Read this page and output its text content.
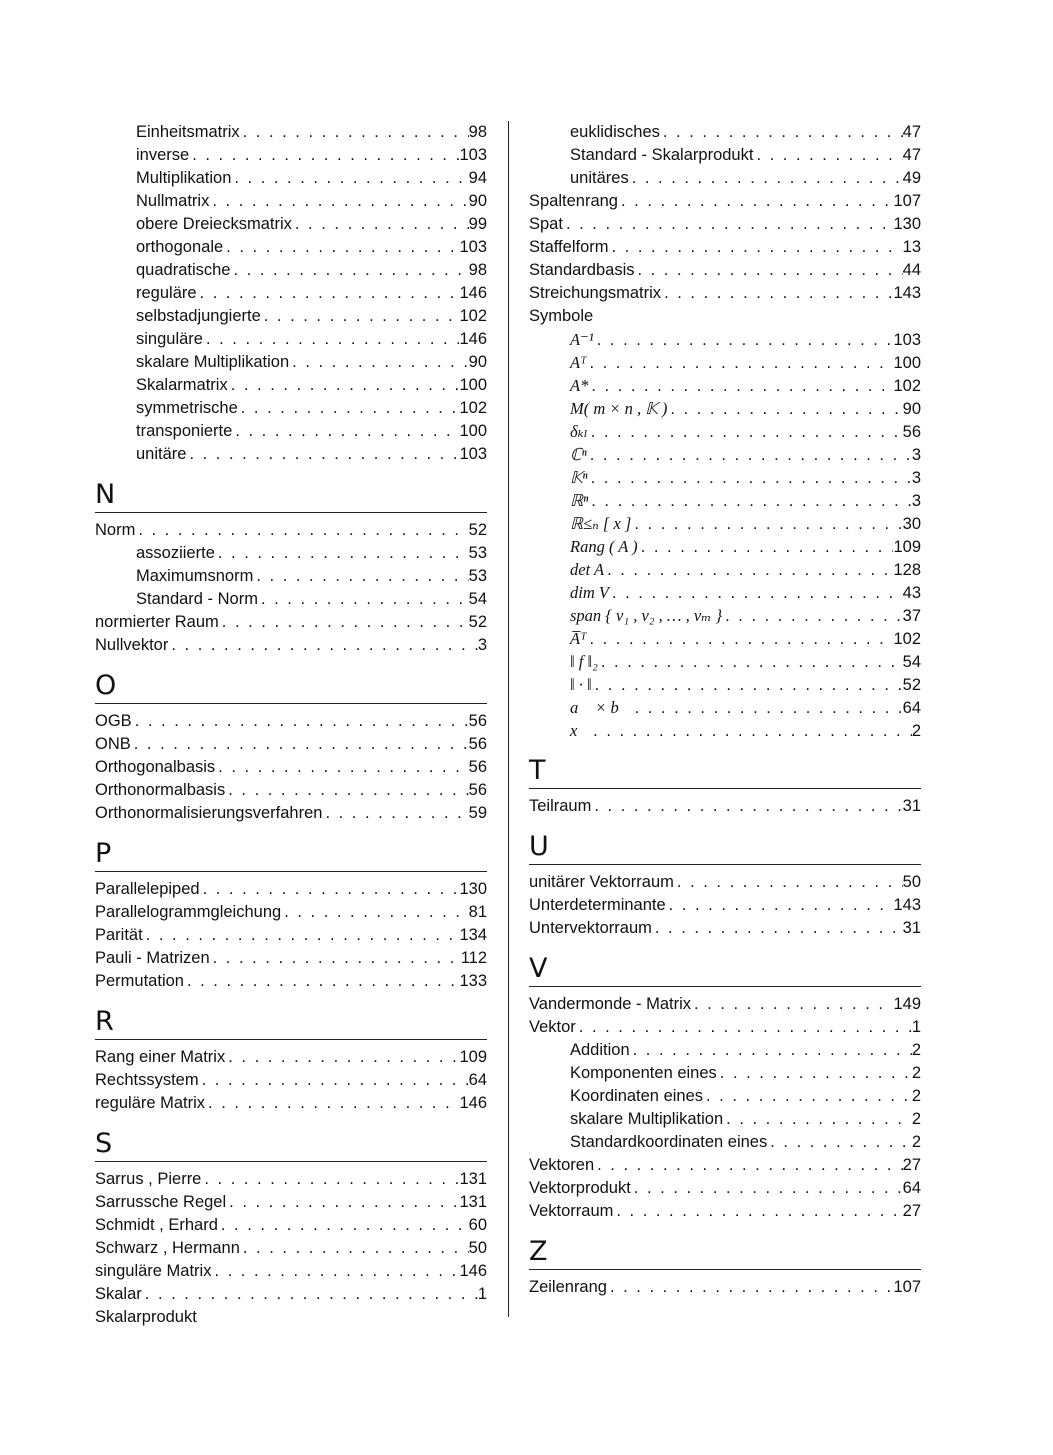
Einheitsmatrix . . .	98
inverse . . .	103
Multiplikation . . .	94
Nullmatrix . . .	90
obere Dreiecksmatrix . . .	99
orthogonale . . .	103
quadratische . . .	98
reguläre . . .	146
selbstadjungierte . . .	102
singuläre . . .	146
skalare Multiplikation . . .	90
Skalarmatrix . . .	100
symmetrische . . .	102
transponierte . . .	100
unitäre . . .	103
N
Norm . . .	52
assoziierte . . .	53
Maximumsnorm . . .	53
Standard - Norm . . .	54
normierter Raum . . .	52
Nullvektor . . .	3
O
OGB . . .	56
ONB . . .	56
Orthogonalbasis . . .	56
Orthonormalbasis . . .	56
Orthonormalisierungsverfahren . . .	59
P
Parallelepiped . . .	130
Parallelogrammgleichung . . .	81
Parität . . .	134
Pauli - Matrizen . . .	112
Permutation . . .	133
R
Rang einer Matrix . . .	109
Rechtssystem . . .	64
reguläre Matrix . . .	146
S
Sarrus , Pierre . . .	131
Sarrussche Regel . . .	131
Schmidt , Erhard . . .	60
Schwarz , Hermann . . .	50
singuläre Matrix . . .	146
Skalar . . .	1
Skalarprodukt
euklidisches . . .	47
Standard - Skalarprodukt . . .	47
unitäres . . .	49
Spaltenrang . . .	107
Spat . . .	130
Staffelform . . .	13
Standardbasis . . .	44
Streichungsmatrix . . .	143
Symbole
A⁻¹ . . .	103
Aᵀ . . .	100
A* . . .	102
M( m × n , 𝕂 ) . . .	90
δₖₗ . . .	56
ℂⁿ . . .	3
𝕂ⁿ . . .	3
ℝⁿ . . .	3
ℝ≤ₙ [ x ] . . .	30
Rang ( A ) . . .	109
det A . . .	128
dim V . . .	43
span { v₁ , v₂ , … , vₘ } . . .	37
A̅ᵀ . . .	102
‖ f ‖₂ . . .	54
‖ · ‖ . . .	52
a⃗ × b⃗ . . .	64
x⃗ . . .	2
T
Teilraum . . .	31
U
unitärer Vektorraum . . .	50
Unterdeterminante . . .	143
Untervektorraum . . .	31
V
Vandermonde - Matrix . . .	149
Vektor . . .	1
Addition . . .	2
Komponenten eines . . .	2
Koordinaten eines . . .	2
skalare Multiplikation . . .	2
Standardkoordinaten eines . . .	2
Vektoren . . .	27
Vektorprodukt . . .	64
Vektorraum . . .	27
Z
Zeilenrang . . .	107
